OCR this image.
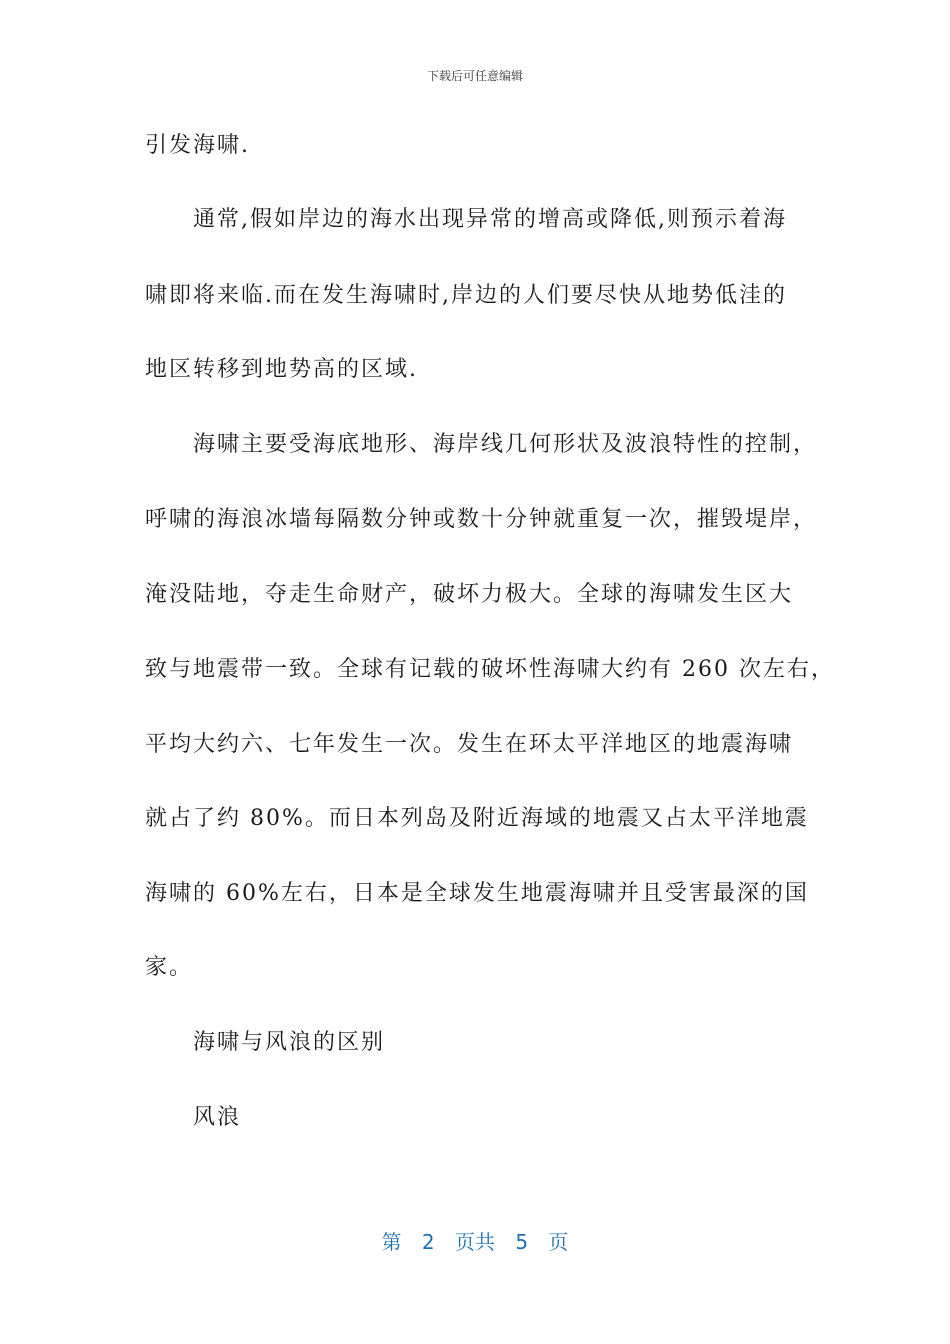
下载后可任意编辑
引发海啸.
通常,假如岸边的海水出现异常的增高或降低,则预示着海
啸即将来临.而在发生海啸时,岸边的人们要尽快从地势低洼的
地区转移到地势高的区域.
海啸主要受海底地形、海岸线几何形状及波浪特性的控制，
呼啸的海浪冰墙每隔数分钟或数十分钟就重复一次，摧毁堤岸，
淹没陆地，夺走生命财产，破坏力极大。全球的海啸发生区大
致与地震带一致。全球有记载的破坏性海啸大约有 260 次左右，
平均大约六、七年发生一次。发生在环太平洋地区的地震海啸
就占了约 80%。而日本列岛及附近海域的地震又占太平洋地震
海啸的 60%左右，日本是全球发生地震海啸并且受害最深的国
家。
海啸与风浪的区别
风浪
第 2 页共 5 页
